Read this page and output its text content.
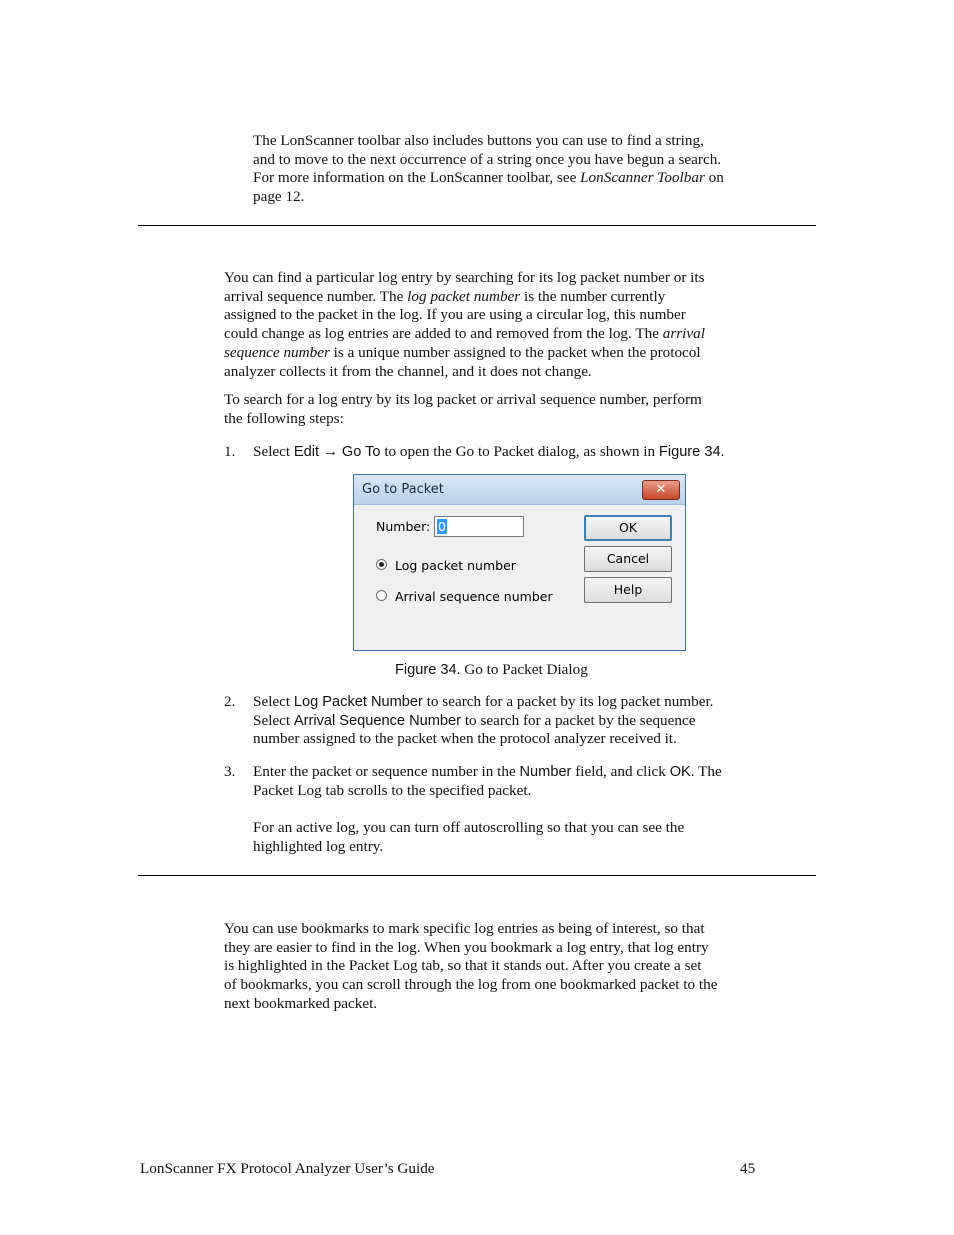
The LonScanner toolbar also includes buttons you can use to find a string,
and to move to the next occurrence of a string once you have begun a search.
For more information on the LonScanner toolbar, see LonScanner Toolbar on
page 12.
You can find a particular log entry by searching for its log packet number or its
arrival sequence number. The log packet number is the number currently
assigned to the packet in the log. If you are using a circular log, this number
could change as log entries are added to and removed from the log. The arrival
sequence number is a unique number assigned to the packet when the protocol
analyzer collects it from the channel, and it does not change.
To search for a log entry by its log packet or arrival sequence number, perform
the following steps:
1. Select Edit → Go To to open the Go to Packet dialog, as shown in Figure 34.
Go to Packet	✕
Number: 0
Log packet number
Arrival sequence number
OK
Cancel
Help
Figure 34. Go to Packet Dialog
2. Select Log Packet Number to search for a packet by its log packet number.
Select Arrival Sequence Number to search for a packet by the sequence
number assigned to the packet when the protocol analyzer received it.
3. Enter the packet or sequence number in the Number field, and click OK. The
Packet Log tab scrolls to the specified packet.
For an active log, you can turn off autoscrolling so that you can see the
highlighted log entry.
You can use bookmarks to mark specific log entries as being of interest, so that
they are easier to find in the log. When you bookmark a log entry, that log entry
is highlighted in the Packet Log tab, so that it stands out. After you create a set
of bookmarks, you can scroll through the log from one bookmarked packet to the
next bookmarked packet.
LonScanner FX Protocol Analyzer User’s Guide	45
